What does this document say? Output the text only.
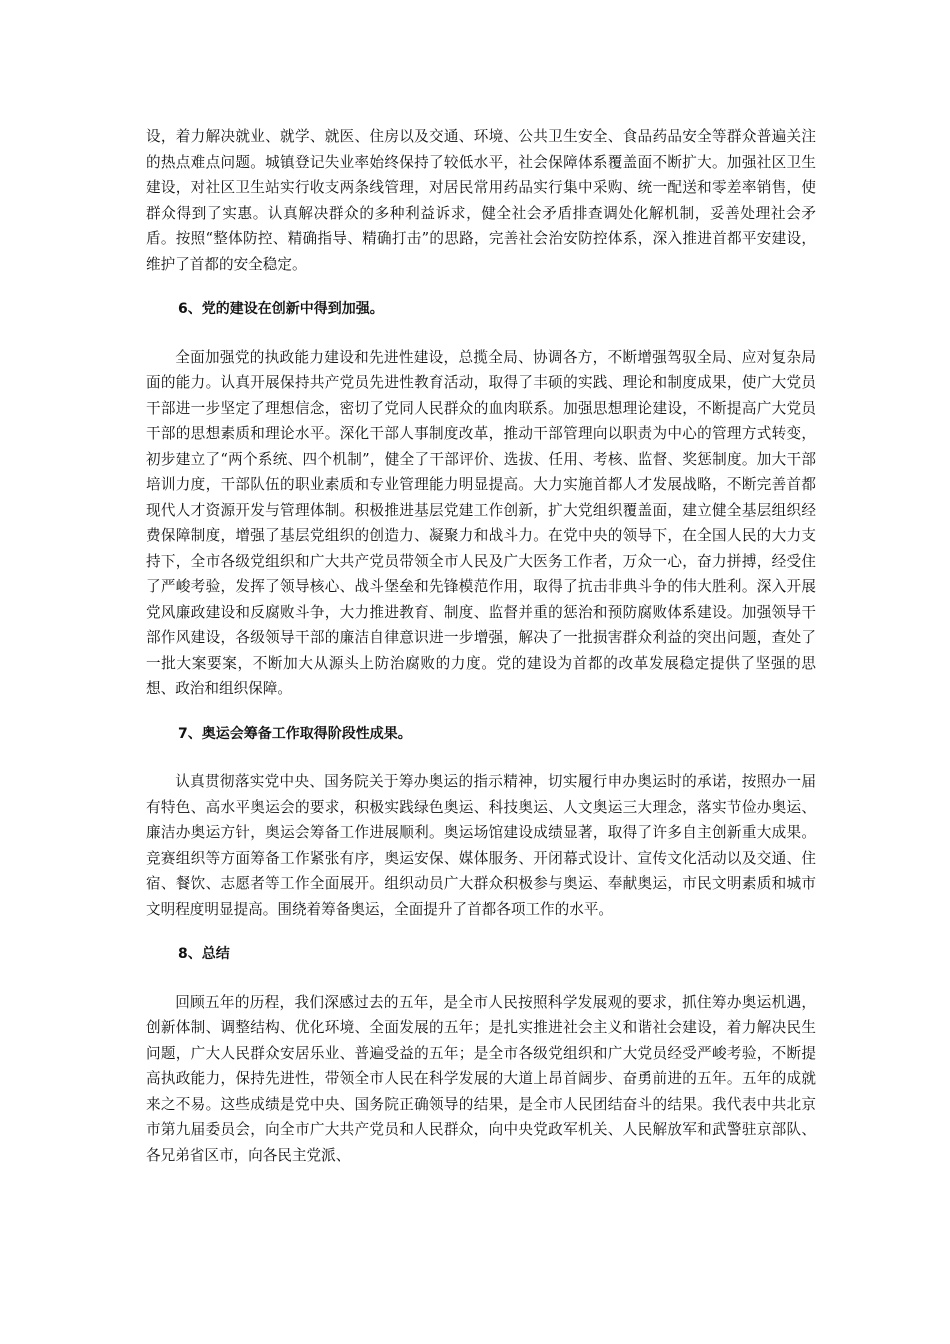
设，着力解决就业、就学、就医、住房以及交通、环境、公共卫生安全、食品药品安全等群众普遍关注的热点难点问题。城镇登记失业率始终保持了较低水平，社会保障体系覆盖面不断扩大。加强社区卫生建设，对社区卫生站实行收支两条线管理，对居民常用药品实行集中采购、统一配送和零差率销售，使群众得到了实惠。认真解决群众的多种利益诉求，健全社会矛盾排查调处化解机制，妥善处理社会矛盾。按照“整体防控、精确指导、精确打击”的思路，完善社会治安防控体系，深入推进首都平安建设，维护了首都的安全稳定。

6、党的建设在创新中得到加强。

全面加强党的执政能力建设和先进性建设，总揽全局、协调各方，不断增强驾驭全局、应对复杂局面的能力。认真开展保持共产党员先进性教育活动，取得了丰硕的实践、理论和制度成果，使广大党员干部进一步坚定了理想信念，密切了党同人民群众的血肉联系。加强思想理论建设，不断提高广大党员干部的思想素质和理论水平。深化干部人事制度改革，推动干部管理向以职责为中心的管理方式转变，初步建立了“两个系统、四个机制”，健全了干部评价、选拔、任用、考核、监督、奖惩制度。加大干部培训力度，干部队伍的职业素质和专业管理能力明显提高。大力实施首都人才发展战略，不断完善首都现代人才资源开发与管理体制。积极推进基层党建工作创新，扩大党组织覆盖面，建立健全基层组织经费保障制度，增强了基层党组织的创造力、凝聚力和战斗力。在党中央的领导下，在全国人民的大力支持下，全市各级党组织和广大共产党员带领全市人民及广大医务工作者，万众一心，奋力拼搏，经受住了严峻考验，发挥了领导核心、战斗堡垒和先锋模范作用，取得了抗击非典斗争的伟大胜利。深入开展党风廉政建设和反腐败斗争，大力推进教育、制度、监督并重的惩治和预防腐败体系建设。加强领导干部作风建设，各级领导干部的廉洁自律意识进一步增强，解决了一批损害群众利益的突出问题，查处了一批大案要案，不断加大从源头上防治腐败的力度。党的建设为首都的改革发展稳定提供了坚强的思想、政治和组织保障。

7、奥运会筹备工作取得阶段性成果。

认真贯彻落实党中央、国务院关于筹办奥运的指示精神，切实履行申办奥运时的承诺，按照办一届有特色、高水平奥运会的要求，积极实践绿色奥运、科技奥运、人文奥运三大理念，落实节俭办奥运、廉洁办奥运方针，奥运会筹备工作进展顺利。奥运场馆建设成绩显著，取得了许多自主创新重大成果。竞赛组织等方面筹备工作紧张有序，奥运安保、媒体服务、开闭幕式设计、宣传文化活动以及交通、住宿、餐饮、志愿者等工作全面展开。组织动员广大群众积极参与奥运、奉献奥运，市民文明素质和城市文明程度明显提高。围绕着筹备奥运，全面提升了首都各项工作的水平。

8、总结

回顾五年的历程，我们深感过去的五年，是全市人民按照科学发展观的要求，抓住筹办奥运机遇，创新体制、调整结构、优化环境、全面发展的五年；是扎实推进社会主义和谐社会建设，着力解决民生问题，广大人民群众安居乐业、普遍受益的五年；是全市各级党组织和广大党员经受严峻考验，不断提高执政能力，保持先进性，带领全市人民在科学发展的大道上昂首阔步、奋勇前进的五年。五年的成就来之不易。这些成绩是党中央、国务院正确领导的结果，是全市人民团结奋斗的结果。我代表中共北京市第九届委员会，向全市广大共产党员和人民群众，向中央党政军机关、人民解放军和武警驻京部队、各兄弟省区市，向各民主党派、
